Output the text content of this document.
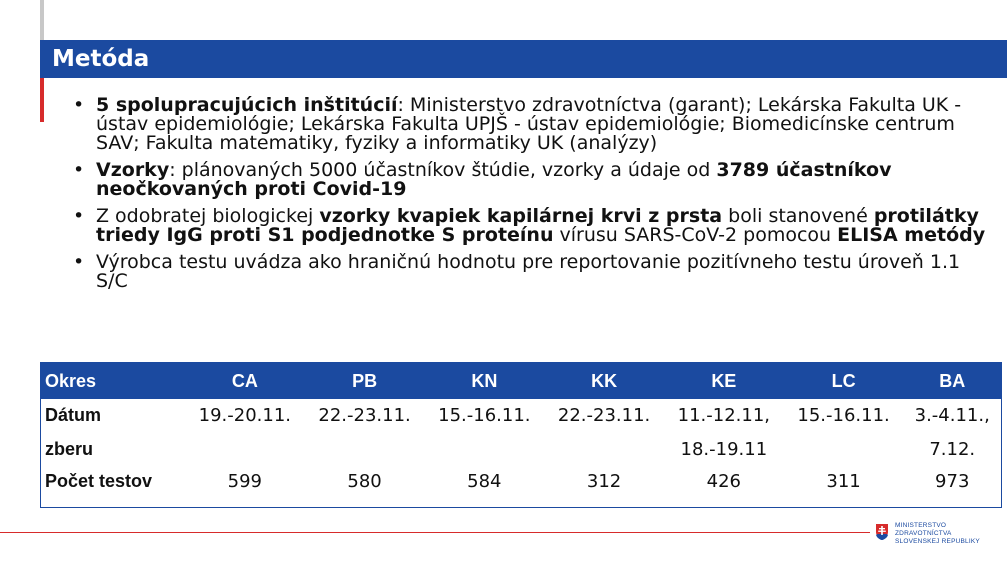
Metóda
• 5 spolupracujúcich inštitúcií: Ministerstvo zdravotníctva (garant); Lekárska Fakulta UK - ústav epidemiológie; Lekárska Fakulta UPJŠ - ústav epidemiológie; Biomedicínske centrum SAV; Fakulta matematiky, fyziky a informatiky UK (analýzy)
• Vzorky: plánovaných 5000 účastníkov štúdie, vzorky a údaje od 3789 účastníkov neočkovaných proti Covid-19
• Z odobratej biologickej vzorky kvapiek kapilárnej krvi z prsta boli stanovené protilátky triedy IgG proti S1 podjednotke S proteínu vírusu SARS-CoV-2 pomocou ELISA metódy
• Výrobca testu uvádza ako hraničnú hodnotu pre reportovanie pozitívneho testu úroveň 1.1 S/C
Okres	CA	PB	KN	KK	KE	LC	BA
Dátum	19.-20.11.	22.-23.11.	15.-16.11.	22.-23.11.	11.-12.11,	15.-16.11.	3.-4.11.,
zberu					18.-19.11		7.12.
Počet testov	599	580	584	312	426	311	973
MINISTERSTVO
ZDRAVOTNÍCTVA
SLOVENSKEJ REPUBLIKY
